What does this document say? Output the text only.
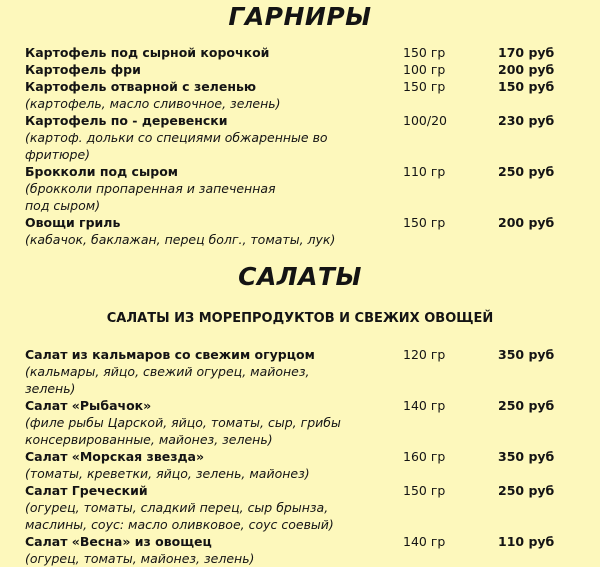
ГАРНИРЫ
Картофель под сырной корочкой	150 гр	170 руб
Картофель фри	100 гр	200 руб
Картофель отварной с зеленью	150 гр	150 руб
(картофель, масло сливочное, зелень)
Картофель по - деревенски	100/20	230 руб
(картоф. дольки со специями обжаренные во
фритюре)
Брокколи под сыром	110 гр	250 руб
(брокколи пропаренная и запеченная
под сыром)
Овощи гриль	150 гр	200 руб
(кабачок, баклажан, перец болг., томаты, лук)
САЛАТЫ
САЛАТЫ ИЗ МОРЕПРОДУКТОВ И СВЕЖИХ ОВОЩЕЙ
Салат из кальмаров со свежим огурцом	120 гр	350 руб
(кальмары, яйцо, свежий огурец, майонез, зелень)
Салат «Рыбачок»	140 гр	250 руб
(филе рыбы Царской, яйцо, томаты, сыр, грибы
консервированные, майонез, зелень)
Салат «Морская звезда»	160 гр	350 руб
(томаты, креветки, яйцо, зелень, майонез)
Салат Греческий	150 гр	250 руб
(огурец, томаты, сладкий перец, сыр брынза,
маслины, соус: масло оливковое, соус соевый)
Салат «Весна» из овощец	140 гр	110 руб
(огурец, томаты, майонез, зелень)
